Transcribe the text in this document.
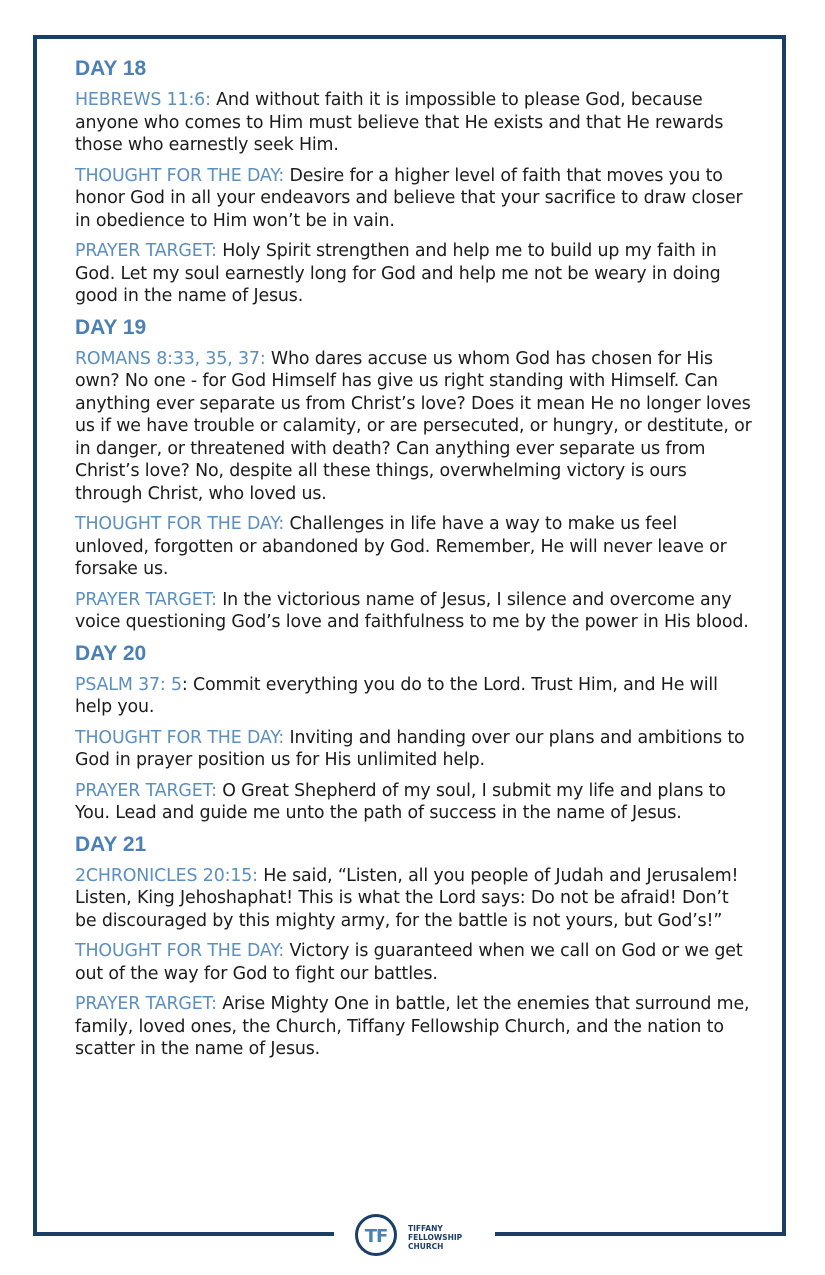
DAY 18

HEBREWS 11:6: And without faith it is impossible to please God, because anyone who comes to Him must believe that He exists and that He rewards those who earnestly seek Him.

THOUGHT FOR THE DAY: Desire for a higher level of faith that moves you to honor God in all your endeavors and believe that your sacrifice to draw closer in obedience to Him won’t be in vain.

PRAYER TARGET: Holy Spirit strengthen and help me to build up my faith in God. Let my soul earnestly long for God and help me not be weary in doing good in the name of Jesus.

DAY 19

ROMANS 8:33, 35, 37: Who dares accuse us whom God has chosen for His own? No one - for God Himself has give us right standing with Himself. Can anything ever separate us from Christ’s love? Does it mean He no longer loves us if we have trouble or calamity, or are persecuted, or hungry, or destitute, or in danger, or threatened with death? Can anything ever separate us from Christ’s love? No, despite all these things, overwhelming victory is ours through Christ, who loved us.

THOUGHT FOR THE DAY: Challenges in life have a way to make us feel unloved, forgotten or abandoned by God. Remember, He will never leave or forsake us.

PRAYER TARGET: In the victorious name of Jesus, I silence and overcome any voice questioning God’s love and faithfulness to me by the power in His blood.

DAY 20

PSALM 37: 5: Commit everything you do to the Lord. Trust Him, and He will help you.

THOUGHT FOR THE DAY: Inviting and handing over our plans and ambitions to God in prayer position us for His unlimited help.

PRAYER TARGET: O Great Shepherd of my soul, I submit my life and plans to You. Lead and guide me unto the path of success in the name of Jesus.

DAY 21

2CHRONICLES 20:15: He said, “Listen, all you people of Judah and Jerusalem! Listen, King Jehoshaphat! This is what the Lord says: Do not be afraid! Don’t be discouraged by this mighty army, for the battle is not yours, but God’s!”

THOUGHT FOR THE DAY: Victory is guaranteed when we call on God or we get out of the way for God to fight our battles.

PRAYER TARGET: Arise Mighty One in battle, let the enemies that surround me, family, loved ones, the Church, Tiffany Fellowship Church, and the nation to scatter in the name of Jesus.

TF	TIFFANY
FELLOWSHIP
CHURCH
